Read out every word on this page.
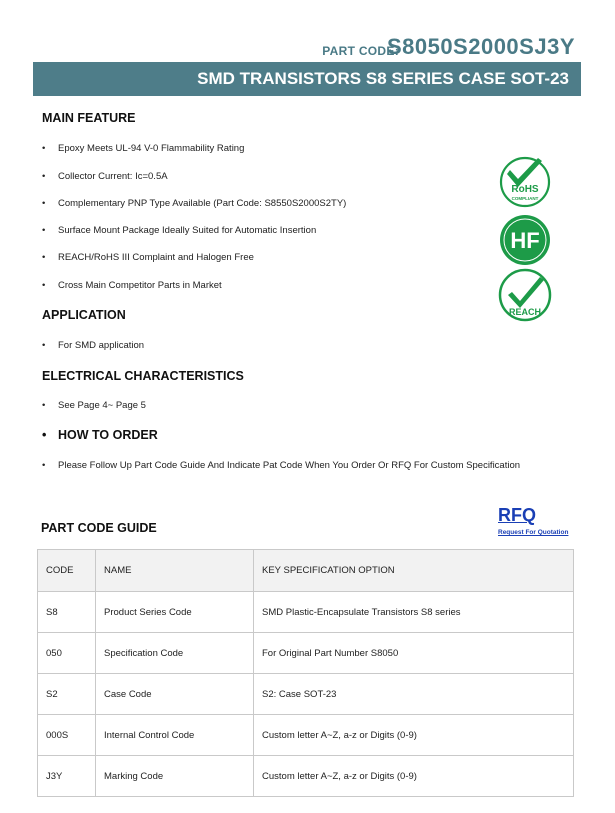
PART CODE:
S8050S2000SJ3Y
SMD TRANSISTORS S8 SERIES CASE SOT-23
MAIN FEATURE
• Epoxy Meets UL-94 V-0 Flammability Rating
• Collector Current: Ic=0.5A
• Complementary PNP Type Available (Part Code: S8550S2000S2TY)
• Surface Mount Package Ideally Suited for Automatic Insertion
• REACH/RoHS III Complaint and Halogen Free
• Cross Main Competitor Parts in Market
APPLICATION
• For SMD application
ELECTRICAL CHARACTERISTICS
• See Page 4~ Page 5
• HOW TO ORDER
• Please Follow Up Part Code Guide And Indicate Pat Code When You Order Or RFQ For Custom Specification
RoHS
COMPLIANT
HF
REACH
RFQ
Request For Quotation
PART CODE GUIDE
CODE	NAME	KEY SPECIFICATION OPTION
S8	Product Series Code	SMD Plastic-Encapsulate Transistors S8 series
050	Specification Code	For Original Part Number S8050
S2	Case Code	S2: Case SOT-23
000S	Internal Control Code	Custom letter A~Z, a-z or Digits (0-9)
J3Y	Marking Code	Custom letter A~Z, a-z or Digits (0-9)
